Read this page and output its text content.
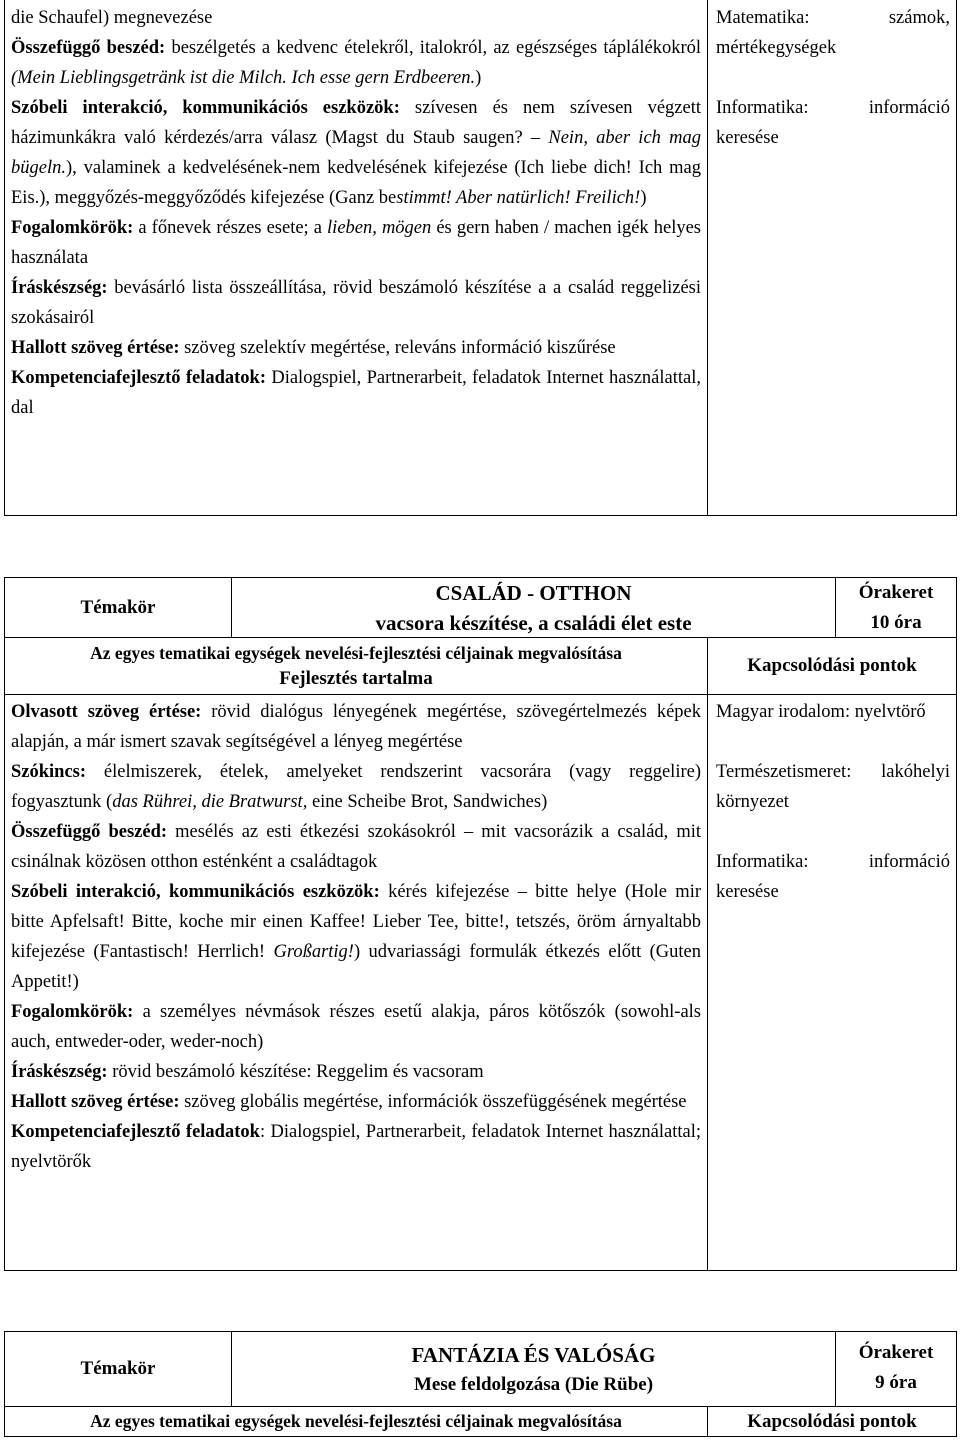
die Schaufel) megnevezése

Összefüggő beszéd: beszélgetés a kedvenc ételekről, italokról, az egészséges táplálékokról (Mein Lieblingsgetränk ist die Milch. Ich esse gern Erdbeeren.)

Szóbeli interakció, kommunikációs eszközök: szívesen és nem szívesen végzett házimunkákra való kérdezés/arra válasz (Magst du Staub saugen? – Nein, aber ich mag bügeln.), valaminek a kedvelésének-nem kedvelésének kifejezése (Ich liebe dich! Ich mag Eis.), meggyőzés-meggyőződés kifejezése (Ganz bestimmt! Aber natürlich! Freilich!)

Fogalomkörök: a főnevek részes esete; a lieben, mögen és gern haben / machen igék helyes használata

Íráskészség: bevásárló lista összeállítása, rövid beszámoló készítése a a család reggelizési szokásairól

Hallott szöveg értése: szöveg szelektív megértése, releváns információ kiszűrése

Kompetenciafejlesztő feladatok: Dialogspiel, Partnerarbeit, feladatok Internet használattal, dal

Matematika: számok, mértékegységek

Informatika: információ keresése

Témakör
CSALÁD - OTTHON
vacsora készítése, a családi élet este
Órakeret
10 óra
Az egyes tematikai egységek nevelési-fejlesztési céljainak megvalósítása
Fejlesztés tartalma
Kapcsolódási pontok

Olvasott szöveg értése: rövid dialógus lényegének megértése, szövegértelmezés képek alapján, a már ismert szavak segítségével a lényeg megértése

Szókincs: élelmiszerek, ételek, amelyeket rendszerint vacsorára (vagy reggelire) fogyasztunk (das Rührei, die Bratwurst, eine Scheibe Brot, Sandwiches)

Összefüggő beszéd: mesélés az esti étkezési szokásokról – mit vacsorázik a család, mit csinálnak közösen otthon esténként a családtagok

Szóbeli interakció, kommunikációs eszközök: kérés kifejezése – bitte helye (Hole mir bitte Apfelsaft! Bitte, koche mir einen Kaffee! Lieber Tee, bitte!, tetszés, öröm árnyaltabb kifejezése (Fantastisch! Herrlich! Großartig!) udvariassági formulák étkezés előtt (Guten Appetit!)

Fogalomkörök: a személyes névmások részes esetű alakja, páros kötőszók (sowohl-als auch, entweder-oder, weder-noch)

Íráskészség: rövid beszámoló készítése: Reggelim és vacsoram

Hallott szöveg értése: szöveg globális megértése, információk összefüggésének megértése

Kompetenciafejlesztő feladatok: Dialogspiel, Partnerarbeit, feladatok Internet használattal; nyelvtörők

Magyar irodalom: nyelvtörő

Természetismeret: lakóhelyi környezet

Informatika: információ keresése

Témakör
FANTÁZIA ÉS VALÓSÁG
Mese feldolgozása (Die Rübe)
Órakeret
9 óra
Az egyes tematikai egységek nevelési-fejlesztési céljainak megvalósítása	Kapcsolódási pontok
